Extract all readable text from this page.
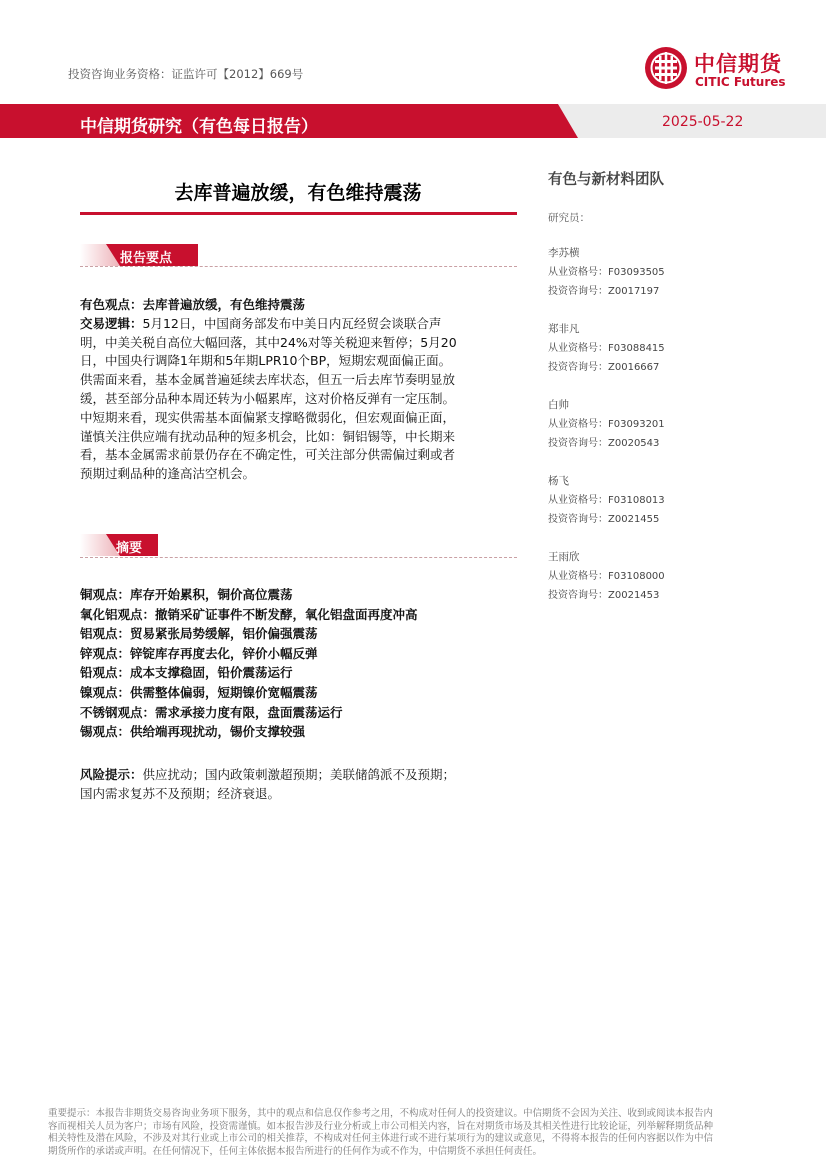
投资咨询业务资格：证监许可【2012】669号	中信期货
CITIC Futures
中信期货研究（有色每日报告）	2025-05-22
去库普遍放缓，有色维持震荡
报告要点
有色观点：去库普遍放缓，有色维持震荡
交易逻辑：5月12日，中国商务部发布中美日内瓦经贸会谈联合声
明，中美关税自高位大幅回落，其中24%对等关税迎来暂停；5月20
日，中国央行调降1年期和5年期LPR10个BP，短期宏观面偏正面。
供需面来看，基本金属普遍延续去库状态，但五一后去库节奏明显放
缓，甚至部分品种本周还转为小幅累库，这对价格反弹有一定压制。
中短期来看，现实供需基本面偏紧支撑略微弱化，但宏观面偏正面，
谨慎关注供应端有扰动品种的短多机会，比如：铜铝锡等，中长期来
看，基本金属需求前景仍存在不确定性，可关注部分供需偏过剩或者
预期过剩品种的逢高沽空机会。
摘要
铜观点：库存开始累积，铜价高位震荡
氧化铝观点：撤销采矿证事件不断发酵，氧化铝盘面再度冲高
铝观点：贸易紧张局势缓解，铝价偏强震荡
锌观点：锌锭库存再度去化，锌价小幅反弹
铅观点：成本支撑稳固，铅价震荡运行
镍观点：供需整体偏弱，短期镍价宽幅震荡
不锈钢观点：需求承接力度有限，盘面震荡运行
锡观点：供给端再现扰动，锡价支撑较强
风险提示：供应扰动；国内政策刺激超预期；美联储鸽派不及预期；
国内需求复苏不及预期；经济衰退。
有色与新材料团队
研究员：
李苏横
从业资格号：F03093505
投资咨询号：Z0017197
郑非凡
从业资格号：F03088415
投资咨询号：Z0016667
白帅
从业资格号：F03093201
投资咨询号：Z0020543
杨飞
从业资格号：F03108013
投资咨询号：Z0021455
王雨欣
从业资格号：F03108000
投资咨询号：Z0021453
重要提示：本报告非期货交易咨询业务项下服务，其中的观点和信息仅作参考之用，不构成对任何人的投资建议。中信期货不会因为关注、收到或阅读本报告内
容而视相关人员为客户；市场有风险，投资需谨慎。如本报告涉及行业分析或上市公司相关内容，旨在对期货市场及其相关性进行比较论证，列举解释期货品种
相关特性及潜在风险，不涉及对其行业或上市公司的相关推荐，不构成对任何主体进行或不进行某项行为的建议或意见，不得将本报告的任何内容据以作为中信
期货所作的承诺或声明。在任何情况下，任何主体依据本报告所进行的任何作为或不作为，中信期货不承担任何责任。
